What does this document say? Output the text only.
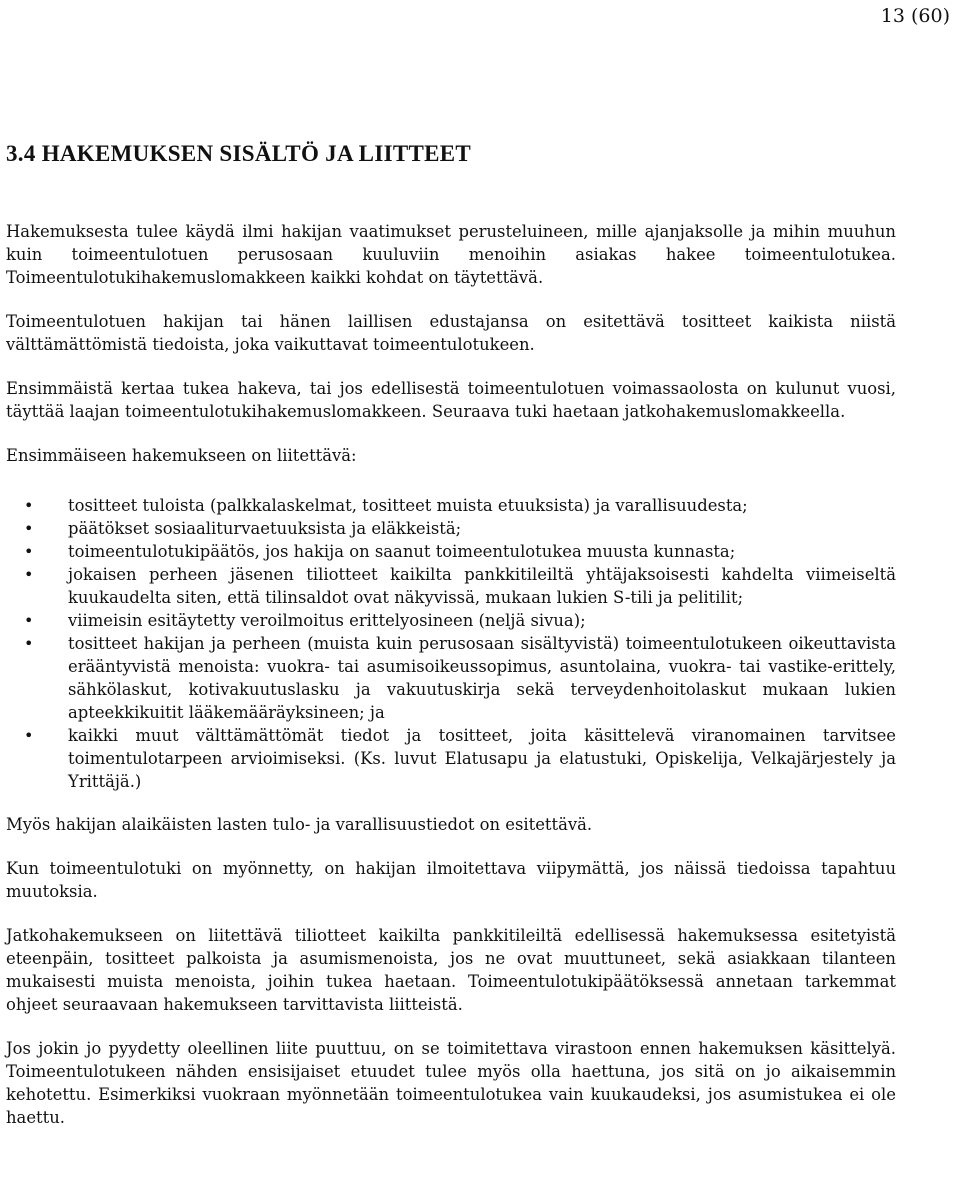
13 (60)
3.4 HAKEMUKSEN SISÄLTÖ JA LIITTEET

Hakemuksesta tulee käydä ilmi hakijan vaatimukset perusteluineen, mille ajanjaksolle ja mihin muuhun kuin toimeentulotuen perusosaan kuuluviin menoihin asiakas hakee toimeentulotukea. Toimeentulotukihakemuslomakkeen kaikki kohdat on täytettävä.

Toimeentulotuen hakijan tai hänen laillisen edustajansa on esitettävä tositteet kaikista niistä välttämättömistä tiedoista, joka vaikuttavat toimeentulotukeen.

Ensimmäistä kertaa tukea hakeva, tai jos edellisestä toimeentulotuen voimassaolosta on kulunut vuosi, täyttää laajan toimeentulotukihakemuslomakkeen. Seuraava tuki haetaan jatkohakemuslomakkeella.

Ensimmäiseen hakemukseen on liitettävä:

• tositteet tuloista (palkkalaskelmat, tositteet muista etuuksista) ja varallisuudesta;
• päätökset sosiaaliturvaetuuksista ja eläkkeistä;
• toimeentulotukipäätös, jos hakija on saanut toimeentulotukea muusta kunnasta;
• jokaisen perheen jäsenen tiliotteet kaikilta pankkitileiltä yhtäjaksoisesti kahdelta viimeiseltä kuukaudelta siten, että tilinsaldot ovat näkyvissä, mukaan lukien S-tili ja pelitilit;
• viimeisin esitäytetty veroilmoitus erittelyosineen (neljä sivua);
• tositteet hakijan ja perheen (muista kuin perusosaan sisältyvistä) toimeentulotukeen oikeuttavista erääntyvistä menoista: vuokra- tai asumisoikeussopimus, asuntolaina, vuokra- tai vastike-erittely, sähkölaskut, kotivakuutuslasku ja vakuutuskirja sekä terveydenhoitolaskut mukaan lukien apteekkikuitit lääkemääräyksineen; ja
• kaikki muut välttämättömät tiedot ja tositteet, joita käsittelevä viranomainen tarvitsee toimentulotarpeen arvioimiseksi. (Ks. luvut Elatusapu ja elatustuki, Opiskelija, Velkajärjestely ja Yrittäjä.)

Myös hakijan alaikäisten lasten tulo- ja varallisuustiedot on esitettävä.

Kun toimeentulotuki on myönnetty, on hakijan ilmoitettava viipymättä, jos näissä tiedoissa tapahtuu muutoksia.

Jatkohakemukseen on liitettävä tiliotteet kaikilta pankkitileiltä edellisessä hakemuksessa esitetyistä eteenpäin, tositteet palkoista ja asumismenoista, jos ne ovat muuttuneet, sekä asiakkaan tilanteen mukaisesti muista menoista, joihin tukea haetaan. Toimeentulotukipäätöksessä annetaan tarkemmat ohjeet seuraavaan hakemukseen tarvittavista liitteistä.

Jos jokin jo pyydetty oleellinen liite puuttuu, on se toimitettava virastoon ennen hakemuksen käsittelyä. Toimeentulotukeen nähden ensisijaiset etuudet tulee myös olla haettuna, jos sitä on jo aikaisemmin kehotettu. Esimerkiksi vuokraan myönnetään toimeentulotukea vain kuukaudeksi, jos asumistukea ei ole haettu.
